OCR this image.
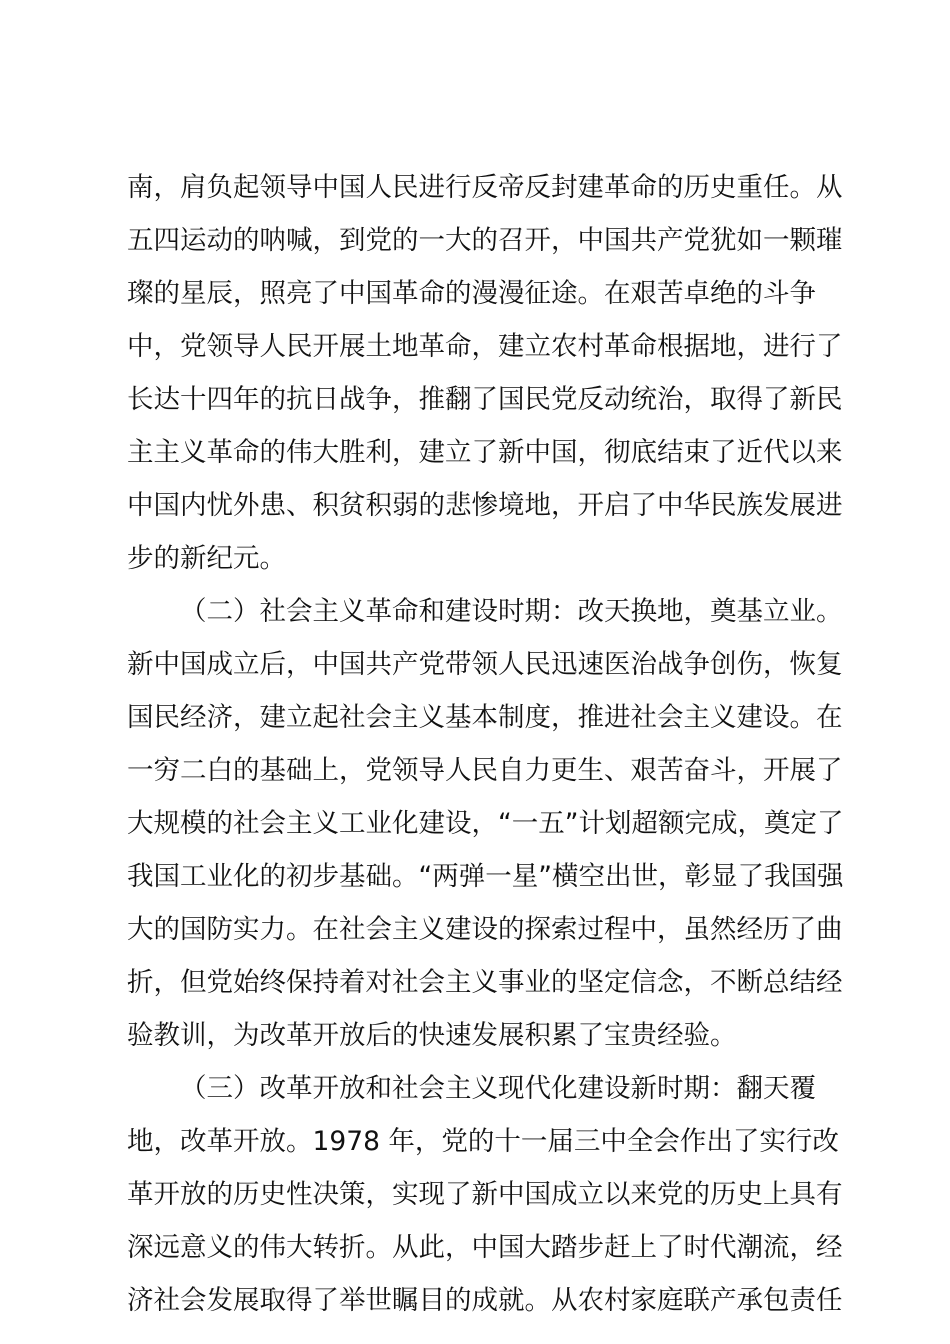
南，肩负起领导中国人民进行反帝反封建革命的历史重任。从
五四运动的呐喊，到党的一大的召开，中国共产党犹如一颗璀
璨的星辰，照亮了中国革命的漫漫征途。在艰苦卓绝的斗争
中，党领导人民开展土地革命，建立农村革命根据地，进行了
长达十四年的抗日战争，推翻了国民党反动统治，取得了新民
主主义革命的伟大胜利，建立了新中国，彻底结束了近代以来
中国内忧外患、积贫积弱的悲惨境地，开启了中华民族发展进
步的新纪元。
（二）社会主义革命和建设时期：改天换地，奠基立业。
新中国成立后，中国共产党带领人民迅速医治战争创伤，恢复
国民经济，建立起社会主义基本制度，推进社会主义建设。在
一穷二白的基础上，党领导人民自力更生、艰苦奋斗，开展了
大规模的社会主义工业化建设，“一五”计划超额完成，奠定了
我国工业化的初步基础。“两弹一星”横空出世，彰显了我国强
大的国防实力。在社会主义建设的探索过程中，虽然经历了曲
折，但党始终保持着对社会主义事业的坚定信念，不断总结经
验教训，为改革开放后的快速发展积累了宝贵经验。
（三）改革开放和社会主义现代化建设新时期：翻天覆
地，改革开放。1978 年，党的十一届三中全会作出了实行改
革开放的历史性决策，实现了新中国成立以来党的历史上具有
深远意义的伟大转折。从此，中国大踏步赶上了时代潮流，经
济社会发展取得了举世瞩目的成就。从农村家庭联产承包责任
